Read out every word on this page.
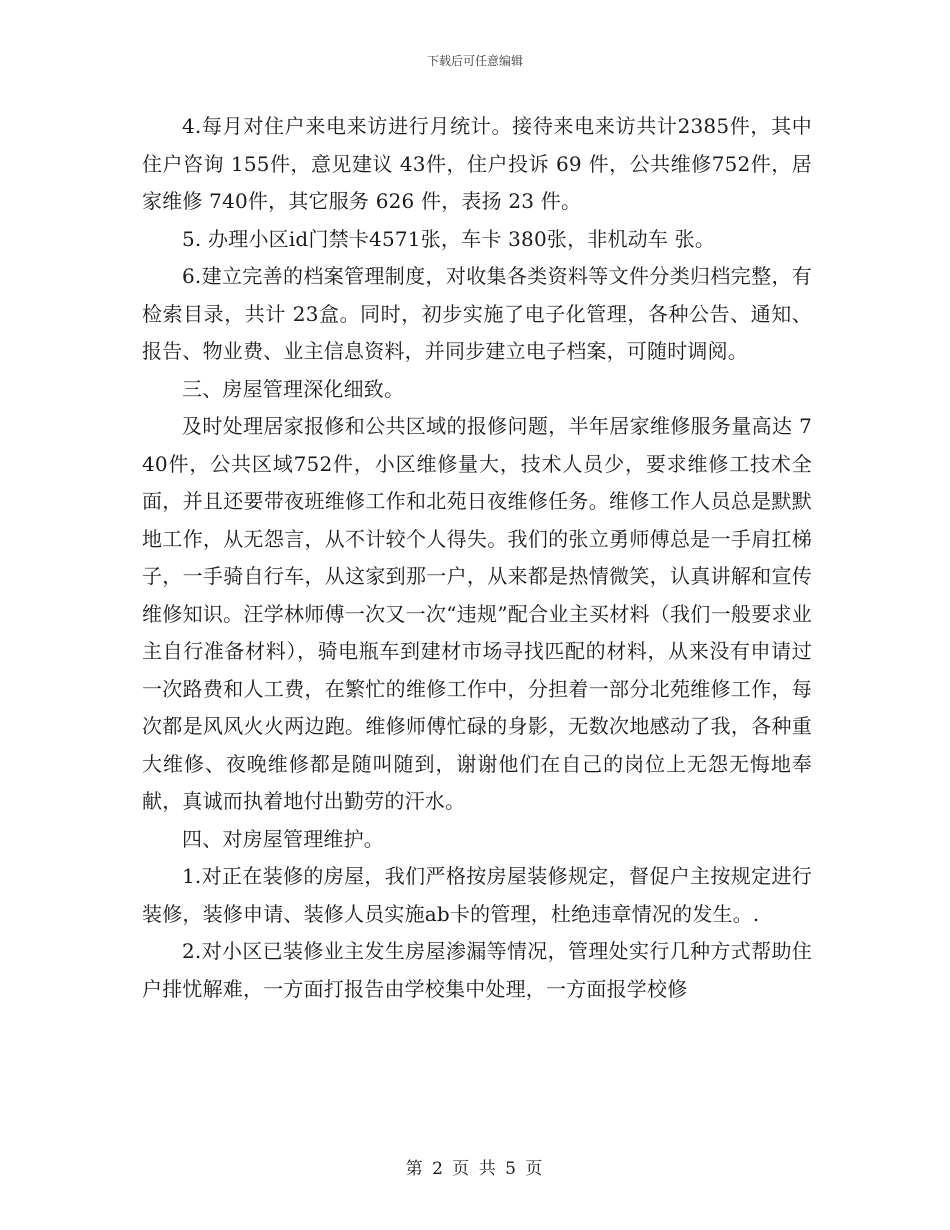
下载后可任意编辑

4.每月对住户来电来访进行月统计。接待来电来访共计2385件，其中住户咨询 155件，意见建议 43件，住户投诉 69 件，公共维修752件，居家维修 740件，其它服务 626 件，表扬 23 件。

5. 办理小区id门禁卡4571张，车卡 380张，非机动车 张。

6.建立完善的档案管理制度，对收集各类资料等文件分类归档完整，有检索目录，共计 23盒。同时，初步实施了电子化管理，各种公告、通知、报告、物业费、业主信息资料，并同步建立电子档案，可随时调阅。

三、房屋管理深化细致。

及时处理居家报修和公共区域的报修问题，半年居家维修服务量高达 740件，公共区域752件，小区维修量大，技术人员少，要求维修工技术全面，并且还要带夜班维修工作和北苑日夜维修任务。维修工作人员总是默默地工作，从无怨言，从不计较个人得失。我们的张立勇师傅总是一手肩扛梯子，一手骑自行车，从这家到那一户，从来都是热情微笑，认真讲解和宣传维修知识。汪学林师傅一次又一次“违规”配合业主买材料（我们一般要求业主自行准备材料），骑电瓶车到建材市场寻找匹配的材料，从来没有申请过一次路费和人工费，在繁忙的维修工作中，分担着一部分北苑维修工作，每次都是风风火火两边跑。维修师傅忙碌的身影，无数次地感动了我，各种重大维修、夜晚维修都是随叫随到，谢谢他们在自己的岗位上无怨无悔地奉献，真诚而执着地付出勤劳的汗水。

四、对房屋管理维护。

1.对正在装修的房屋，我们严格按房屋装修规定，督促户主按规定进行装修，装修申请、装修人员实施ab卡的管理，杜绝违章情况的发生。.

2.对小区已装修业主发生房屋渗漏等情况，管理处实行几种方式帮助住户排忧解难，一方面打报告由学校集中处理，一方面报学校修

第 2 页 共 5 页
